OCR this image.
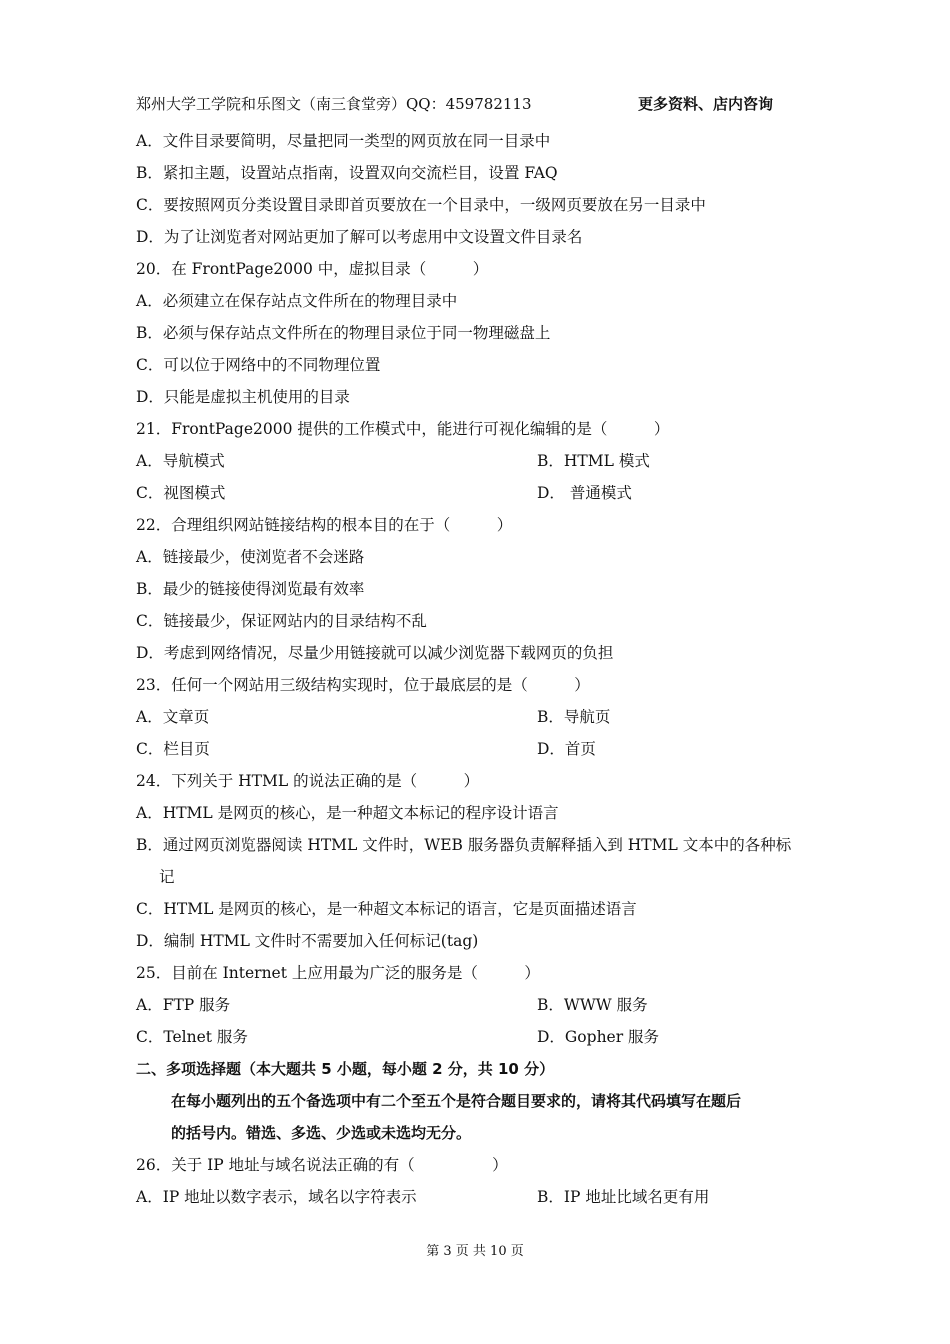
郑州大学工学院和乐图文（南三食堂旁）QQ：459782113	更多资料、店内咨询
A．文件目录要简明，尽量把同一类型的网页放在同一目录中
B．紧扣主题，设置站点指南，设置双向交流栏目，设置 FAQ
C．要按照网页分类设置目录即首页要放在一个目录中，一级网页要放在另一目录中
D．为了让浏览者对网站更加了解可以考虑用中文设置文件目录名
20．在 FrontPage2000 中，虚拟目录（　　　）
A．必须建立在保存站点文件所在的物理目录中
B．必须与保存站点文件所在的物理目录位于同一物理磁盘上
C．可以位于网络中的不同物理位置
D．只能是虚拟主机使用的目录
21．FrontPage2000 提供的工作模式中，能进行可视化编辑的是（　　　）
A．导航模式	B．HTML 模式
C．视图模式	D． 普通模式
22．合理组织网站链接结构的根本目的在于（　　　）
A．链接最少，使浏览者不会迷路
B．最少的链接使得浏览最有效率
C．链接最少，保证网站内的目录结构不乱
D．考虑到网络情况，尽量少用链接就可以减少浏览器下载网页的负担
23．任何一个网站用三级结构实现时，位于最底层的是（　　　）
A．文章页	B．导航页
C．栏目页	D．首页
24．下列关于 HTML 的说法正确的是（　　　）
A．HTML 是网页的核心，是一种超文本标记的程序设计语言
B．通过网页浏览器阅读 HTML 文件时，WEB 服务器负责解释插入到 HTML 文本中的各种标
记
C．HTML 是网页的核心，是一种超文本标记的语言，它是页面描述语言
D．编制 HTML 文件时不需要加入任何标记(tag)
25．目前在 Internet 上应用最为广泛的服务是（　　　）
A．FTP 服务	B．WWW 服务
C．Telnet 服务	D．Gopher 服务
二、多项选择题（本大题共 5 小题，每小题 2 分，共 10 分）
在每小题列出的五个备选项中有二个至五个是符合题目要求的，请将其代码填写在题后
的括号内。错选、多选、少选或未选均无分。
26．关于 IP 地址与域名说法正确的有（　　　　　）
A．IP 地址以数字表示，域名以字符表示	B．IP 地址比域名更有用
第 3 页 共 10 页
